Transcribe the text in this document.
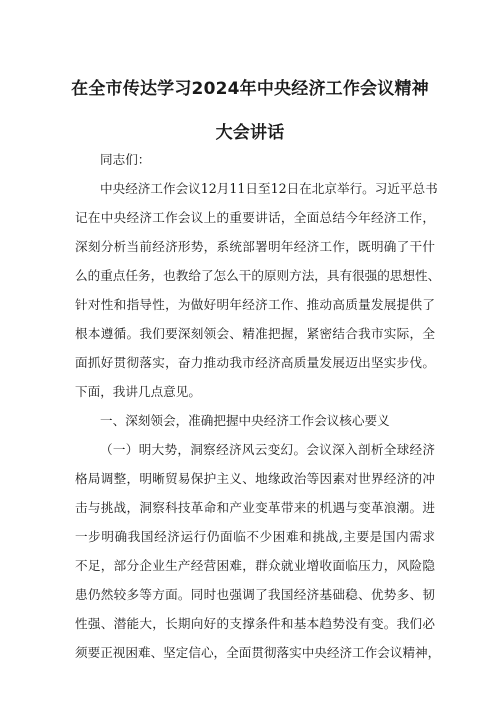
在全市传达学习2024年中央经济工作会议精神
大会讲话
同志们：
中央经济工作会议12月11日至12日在北京举行。习近平总书
记在中央经济工作会议上的重要讲话，全面总结今年经济工作，
深刻分析当前经济形势，系统部署明年经济工作，既明确了干什
么的重点任务，也教给了怎么干的原则方法，具有很强的思想性、
针对性和指导性，为做好明年经济工作、推动高质量发展提供了
根本遵循。我们要深刻领会、精准把握，紧密结合我市实际，全
面抓好贯彻落实，奋力推动我市经济高质量发展迈出坚实步伐。
下面，我讲几点意见。
一、深刻领会，准确把握中央经济工作会议核心要义
（一）明大势，洞察经济风云变幻。会议深入剖析全球经济
格局调整，明晰贸易保护主义、地缘政治等因素对世界经济的冲
击与挑战，洞察科技革命和产业变革带来的机遇与变革浪潮。进
一步明确我国经济运行仍面临不少困难和挑战,主要是国内需求
不足，部分企业生产经营困难，群众就业增收面临压力，风险隐
患仍然较多等方面。同时也强调了我国经济基础稳、优势多、韧
性强、潜能大，长期向好的支撑条件和基本趋势没有变。我们必
须要正视困难、坚定信心，全面贯彻落实中央经济工作会议精神，
